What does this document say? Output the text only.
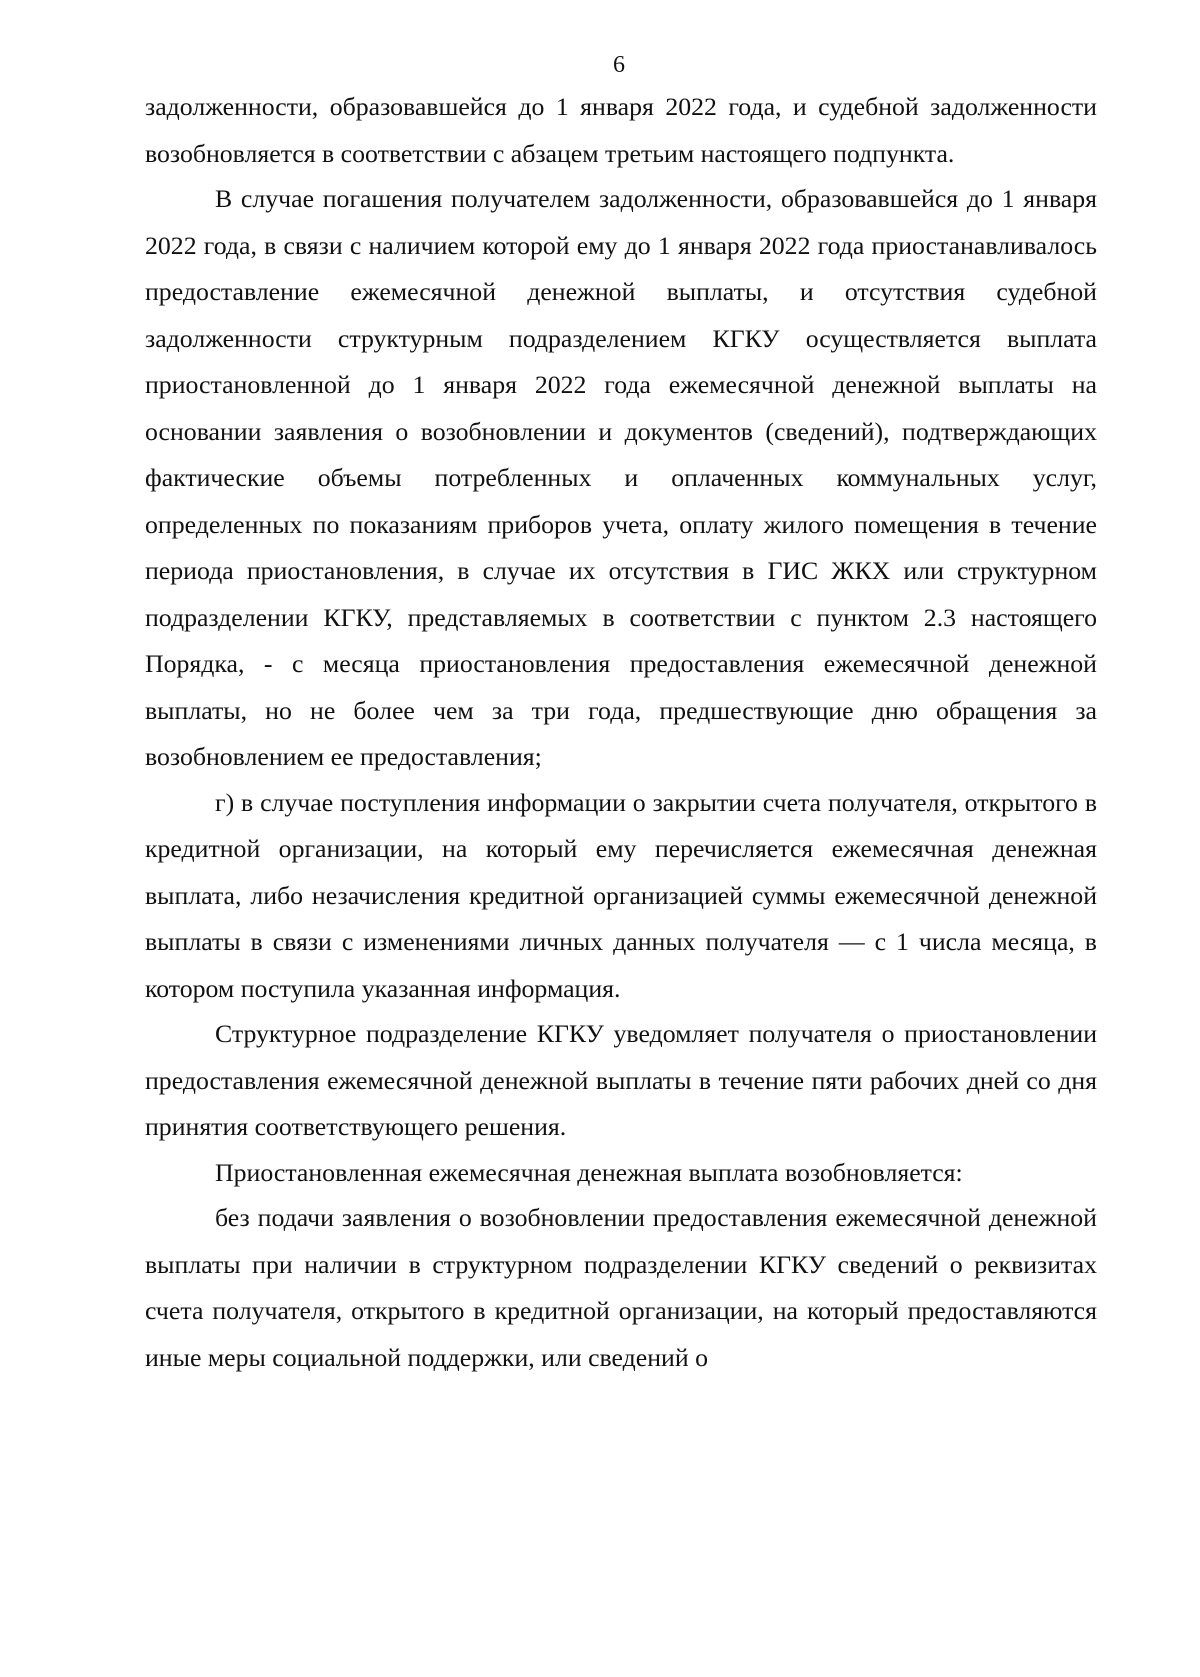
6

задолженности, образовавшейся до 1 января 2022 года, и судебной задолженности возобновляется в соответствии с абзацем третьим настоящего подпункта.

В случае погашения получателем задолженности, образовавшейся до 1 января 2022 года, в связи с наличием которой ему до 1 января 2022 года приостанавливалось предоставление ежемесячной денежной выплаты, и отсутствия судебной задолженности структурным подразделением КГКУ осуществляется выплата приостановленной до 1 января 2022 года ежемесячной денежной выплаты на основании заявления о возобновлении и документов (сведений), подтверждающих фактические объемы потребленных и оплаченных коммунальных услуг, определенных по показаниям приборов учета, оплату жилого помещения в течение периода приостановления, в случае их отсутствия в ГИС ЖКХ или структурном подразделении КГКУ, представляемых в соответствии с пунктом 2.3 настоящего Порядка, - с месяца приостановления предоставления ежемесячной денежной выплаты, но не более чем за три года, предшествующие дню обращения за возобновлением ее предоставления;

г) в случае поступления информации о закрытии счета получателя, открытого в кредитной организации, на который ему перечисляется ежемесячная денежная выплата, либо незачисления кредитной организацией суммы ежемесячной денежной выплаты в связи с изменениями личных данных получателя — с 1 числа месяца, в котором поступила указанная информация.

Структурное подразделение КГКУ уведомляет получателя о приостановлении предоставления ежемесячной денежной выплаты в течение пяти рабочих дней со дня принятия соответствующего решения.

Приостановленная ежемесячная денежная выплата возобновляется:

без подачи заявления о возобновлении предоставления ежемесячной денежной выплаты при наличии в структурном подразделении КГКУ сведений о реквизитах счета получателя, открытого в кредитной организации, на который предоставляются иные меры социальной поддержки, или сведений о
